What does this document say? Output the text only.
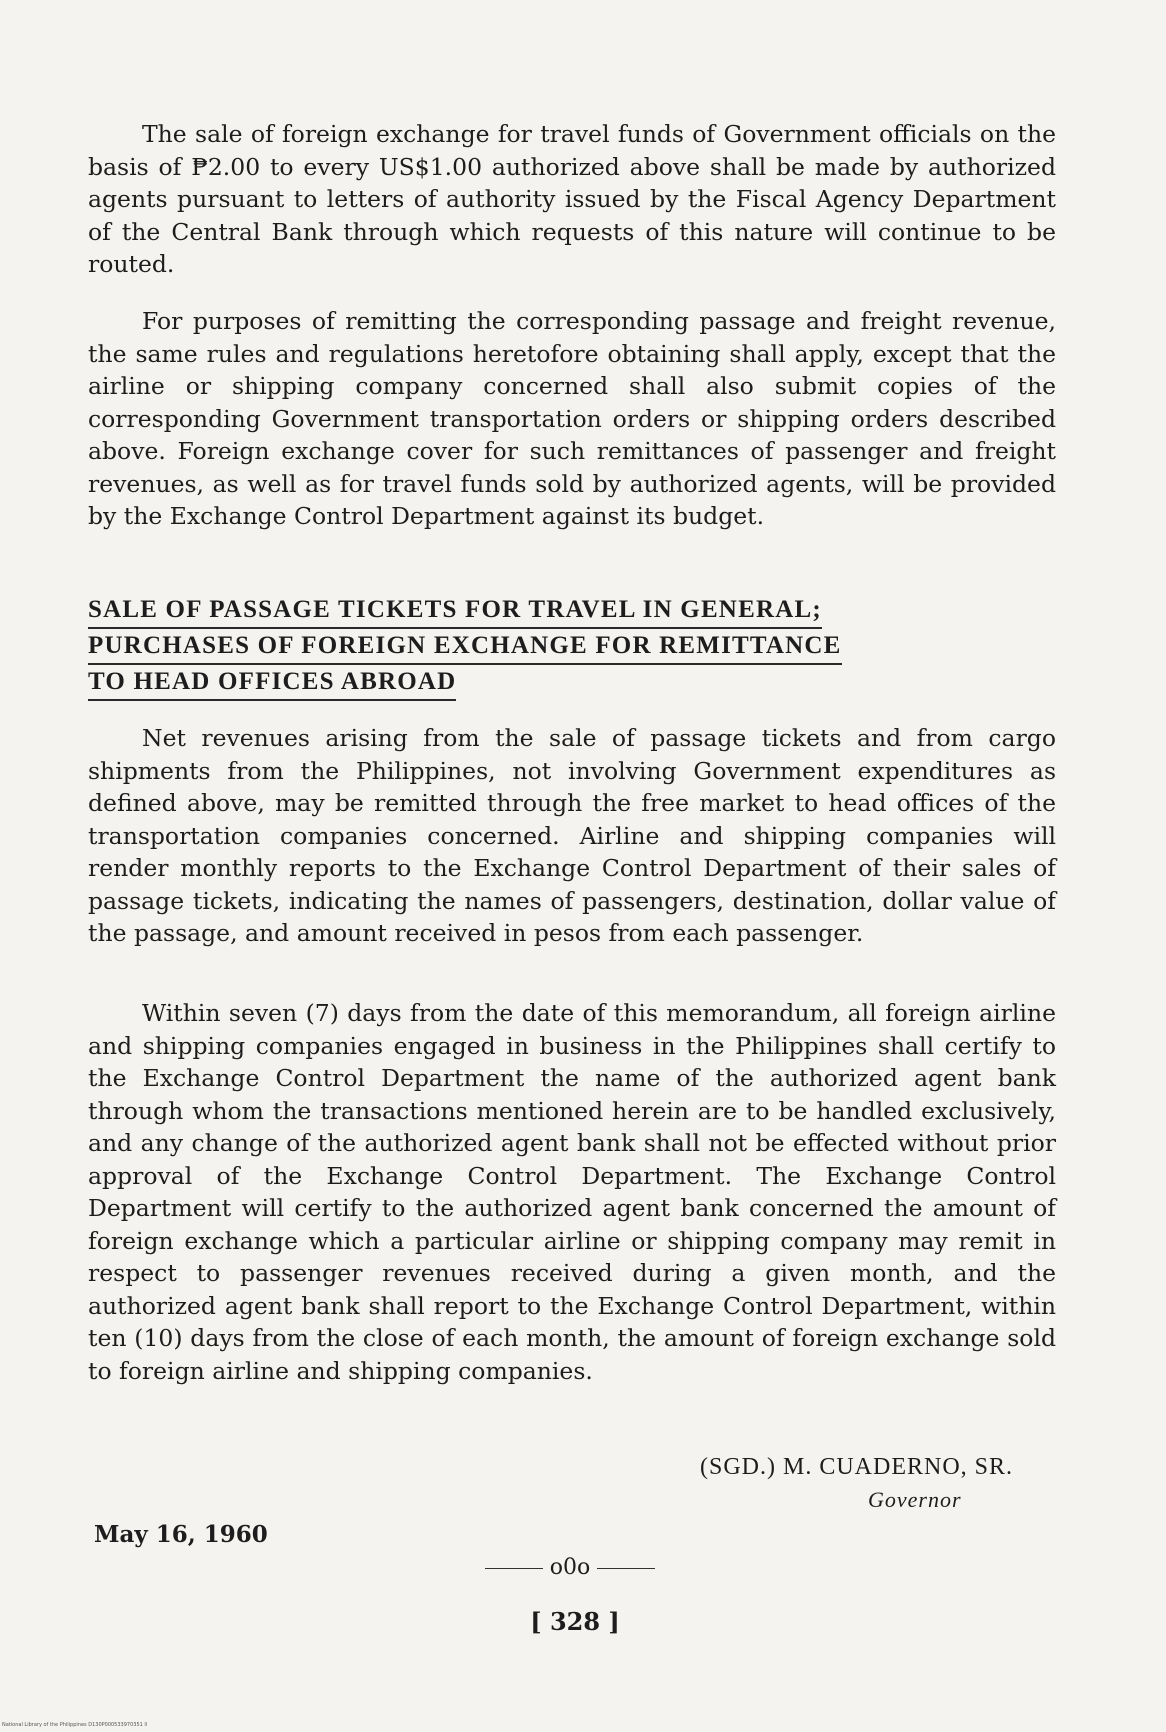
The sale of foreign exchange for travel funds of Government officials on the basis of ₱2.00 to every US$1.00 authorized above shall be made by authorized agents pursuant to letters of authority issued by the Fiscal Agency Department of the Central Bank through which requests of this nature will continue to be routed.

For purposes of remitting the corresponding passage and freight revenue, the same rules and regulations heretofore obtaining shall apply, except that the airline or shipping company concerned shall also submit copies of the corresponding Government transportation orders or shipping orders described above. Foreign exchange cover for such remittances of passenger and freight revenues, as well as for travel funds sold by authorized agents, will be provided by the Exchange Control Department against its budget.

SALE OF PASSAGE TICKETS FOR TRAVEL IN GENERAL;
PURCHASES OF FOREIGN EXCHANGE FOR REMITTANCE
TO HEAD OFFICES ABROAD

Net revenues arising from the sale of passage tickets and from cargo shipments from the Philippines, not involving Government expenditures as defined above, may be remitted through the free market to head offices of the transportation companies concerned. Airline and shipping companies will render monthly reports to the Exchange Control Department of their sales of passage tickets, indicating the names of passengers, destination, dollar value of the passage, and amount received in pesos from each passenger.

Within seven (7) days from the date of this memorandum, all foreign airline and shipping companies engaged in business in the Philippines shall certify to the Exchange Control Department the name of the authorized agent bank through whom the transactions mentioned herein are to be handled exclusively, and any change of the authorized agent bank shall not be effected without prior approval of the Exchange Control Department. The Exchange Control Department will certify to the authorized agent bank concerned the amount of foreign exchange which a particular airline or shipping company may remit in respect to passenger revenues received during a given month, and the authorized agent bank shall report to the Exchange Control Department, within ten (10) days from the close of each month, the amount of foreign exchange sold to foreign airline and shipping companies.

(SGD.) M. CUADERNO, SR.
Governor
May 16, 1960
o0o
[ 328 ]
National Library of the Philippines D130P000533970351 ll
